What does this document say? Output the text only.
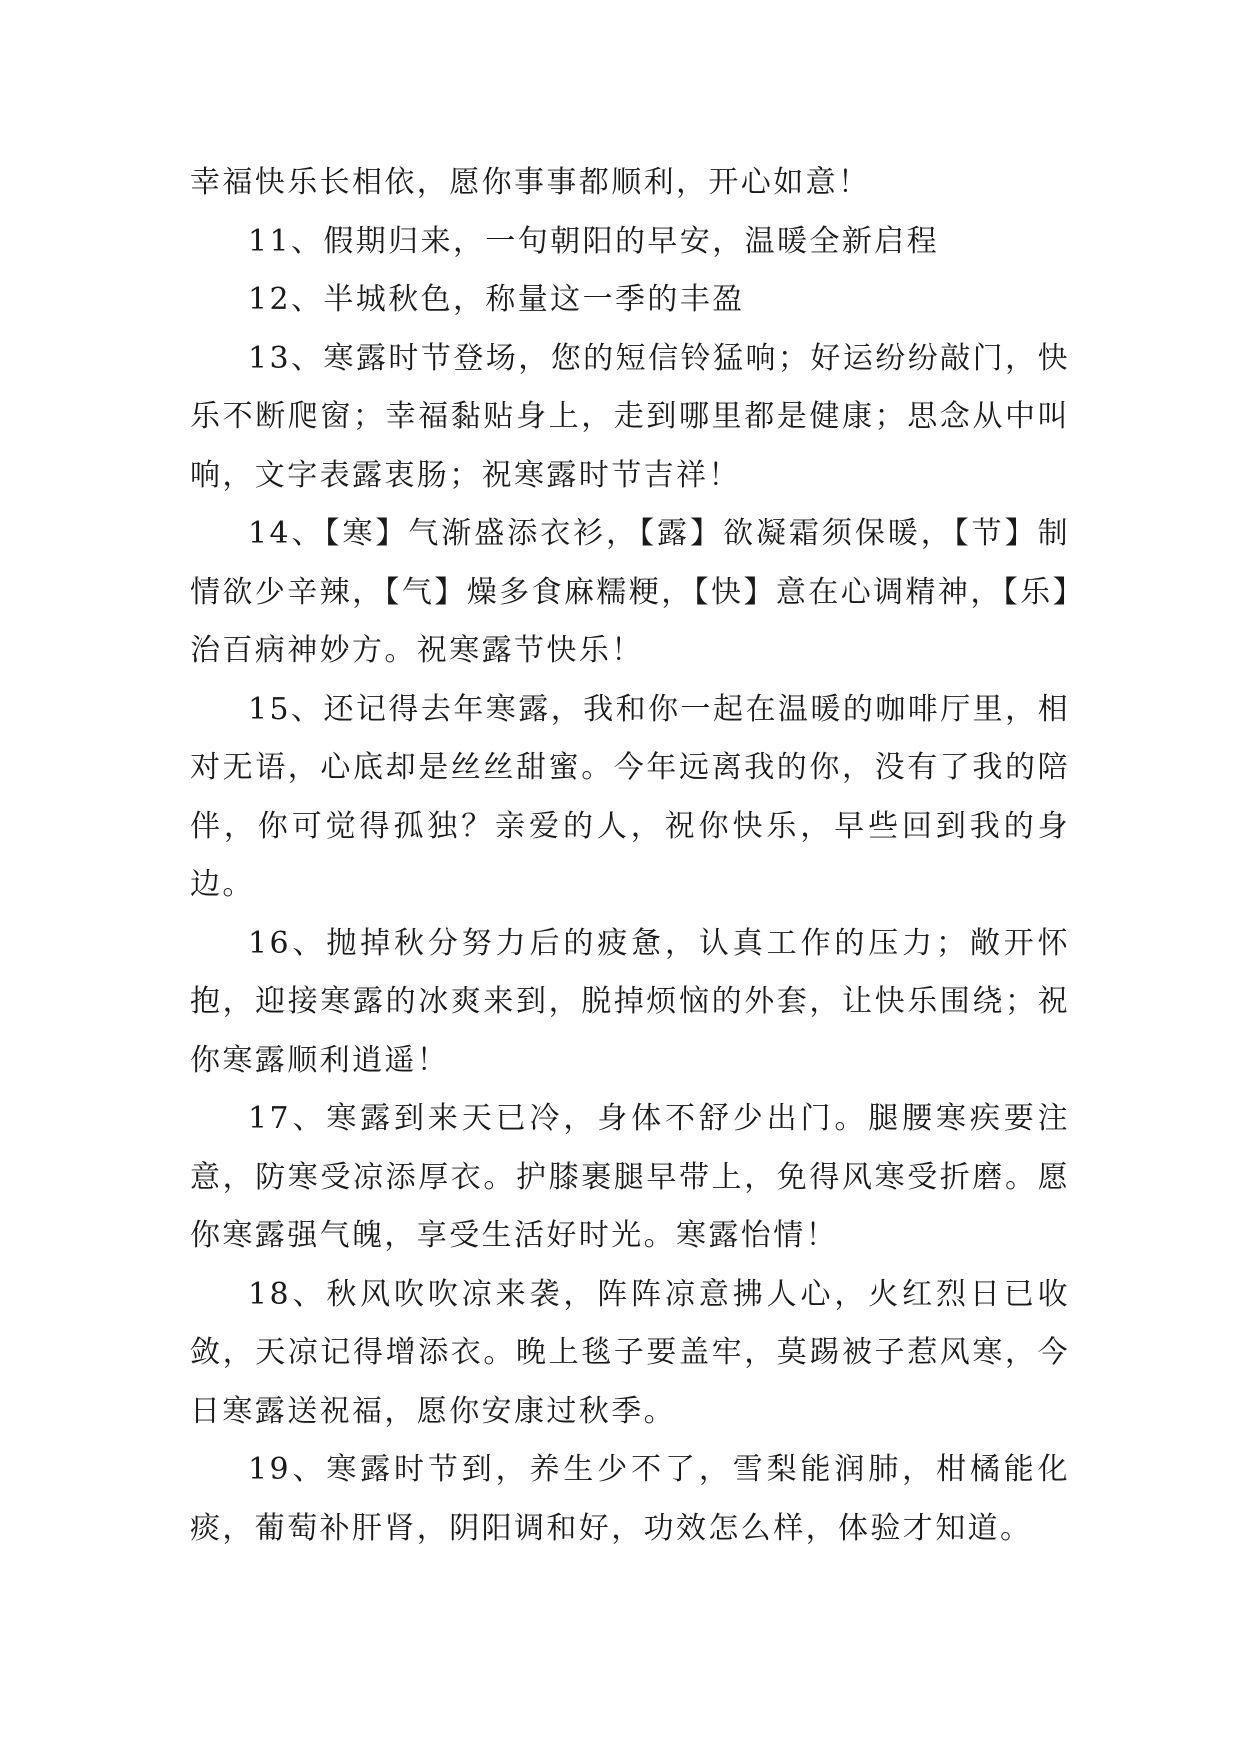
幸福快乐长相依，愿你事事都顺利，开心如意！

11、假期归来，一句朝阳的早安，温暖全新启程

12、半城秋色，称量这一季的丰盈

13、寒露时节登场，您的短信铃猛响；好运纷纷敲门，快乐不断爬窗；幸福黏贴身上，走到哪里都是健康；思念从中叫响，文字表露衷肠；祝寒露时节吉祥！

14、【寒】气渐盛添衣衫，【露】欲凝霜须保暖，【节】制情欲少辛辣，【气】燥多食麻糯粳，【快】意在心调精神，【乐】治百病神妙方。祝寒露节快乐！

15、还记得去年寒露，我和你一起在温暖的咖啡厅里，相对无语，心底却是丝丝甜蜜。今年远离我的你，没有了我的陪伴，你可觉得孤独？亲爱的人，祝你快乐，早些回到我的身边。

16、抛掉秋分努力后的疲惫，认真工作的压力；敞开怀抱，迎接寒露的冰爽来到，脱掉烦恼的外套，让快乐围绕；祝你寒露顺利逍遥！

17、寒露到来天已冷，身体不舒少出门。腿腰寒疾要注意，防寒受凉添厚衣。护膝裹腿早带上，免得风寒受折磨。愿你寒露强气魄，享受生活好时光。寒露怡情！

18、秋风吹吹凉来袭，阵阵凉意拂人心，火红烈日已收敛，天凉记得增添衣。晚上毯子要盖牢，莫踢被子惹风寒，今日寒露送祝福，愿你安康过秋季。

19、寒露时节到，养生少不了，雪梨能润肺，柑橘能化痰，葡萄补肝肾，阴阳调和好，功效怎么样，体验才知道。
